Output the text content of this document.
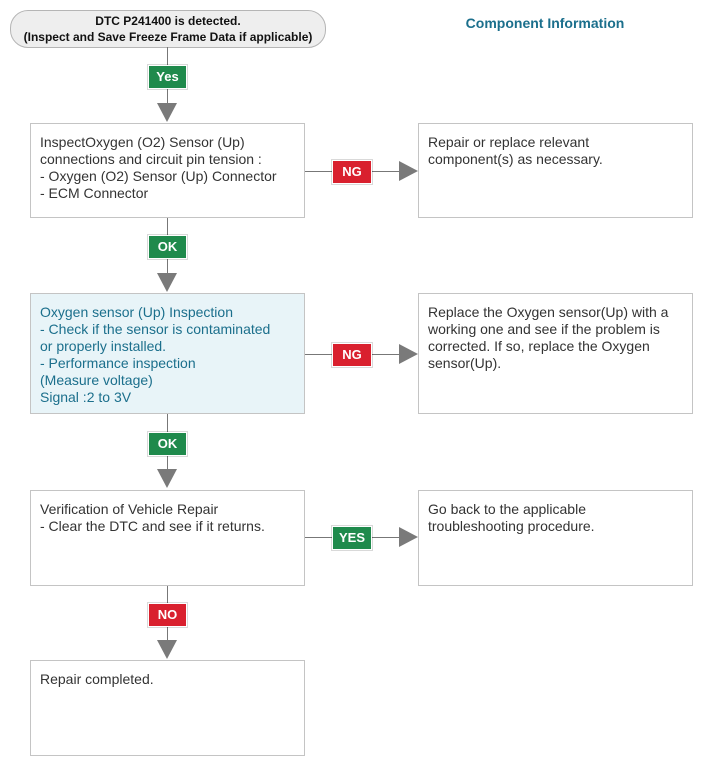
DTC P241400 is detected.
(Inspect and Save Freeze Frame Data if applicable)
Component Information
Yes
InspectOxygen (O2) Sensor (Up)
connections and circuit pin tension :
- Oxygen (O2) Sensor (Up) Connector
- ECM Connector
NG
Repair or replace relevant
component(s) as necessary.
OK
Oxygen sensor (Up) Inspection
- Check if the sensor is contaminated
or properly installed.
- Performance inspection
(Measure voltage)
Signal :2 to 3V
NG
Replace the Oxygen sensor(Up) with a
working one and see if the problem is
corrected. If so, replace the Oxygen
sensor(Up).
OK
Verification of Vehicle Repair
- Clear the DTC and see if it returns.
YES
Go back to the applicable
troubleshooting procedure.
NO
Repair completed.
